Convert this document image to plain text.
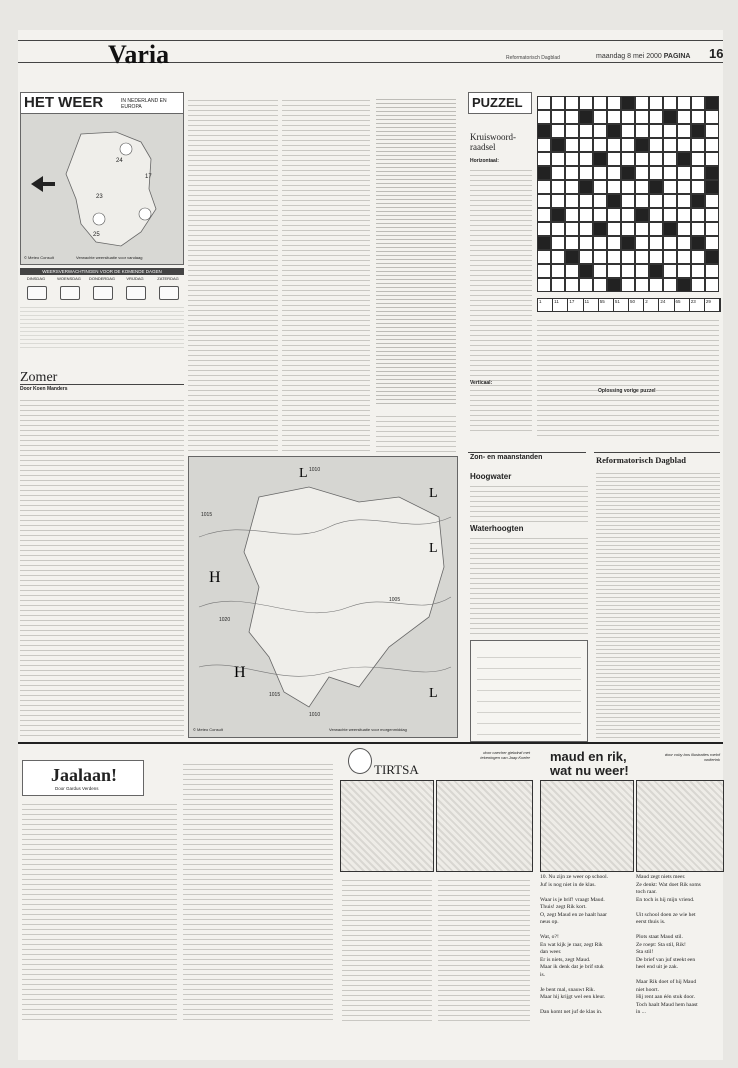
Varia	Reformatorisch Dagblad	maandag 8 mei 2000 PAGINA 16
HET WEER	IN NEDERLAND EN EUROPA
24
17
23
25
© Meteo Consult	Verwachte weersituatie voor vandaag
WEERSVERWACHTINGEN VOOR DE KOMENDE DAGEN
DINSDAG	WOENSDAG	DONDERDAG	VRIJDAG	ZATERDAG
Zomer
Door Koen Manders
H
H
L
L
L
L 1010
1015
1020
1005
1010
1015
© Meteo Consult	Verwachte weersituatie voor morgenmiddag
PUZZEL
Kruiswoord-
raadsel
Horizontaal:
1	11	17	11	55	51	50	2	24	65	23	29
Verticaal:
Oplossing vorige puzzel
Zon- en maanstanden
Hoogwater
Waterhoogten
Reformatorisch Dagblad
Jaalaan!
Door Gardus Verdens
TIRTSA
door caecher giebdraf met tekeningen van Jaap Koeler maud en rik, wat nu weer!
door coby bos illustraties roelof wolterink
10. Nu zijn ze weer op school.
Juf is nog niet in de klas.

Waar is je brif! vraagt Maud.
Thuis! zegt Rik kort.
O, zegt Maud en ze haalt haar
neus op.

Wat, o?!
En wat kijk je raar, zegt Rik
dan weer.
Er is niets, zegt Maud.
Maar ik denk dat je brif stuk
is.

Je bent mal, snauwt Rik.
Maar hij krijgt wel een kleur.

Dan komt net juf de klas in.
Maud zegt niets meer.
Ze denkt: Wat doet Rik soms
toch raar.
En toch is hij mijn vriend.

Uit school doen ze wie het
eerst thuis is.

Plots staat Maud stil.
Ze roept: Sta stil, Rik!
Sta stil!
De brief van juf steekt een
heel end uit je zak.

Maar Rik doet of hij Maud
niet hoort.
Hij rent aan één stuk door.
Toch haalt Maud hem haast
in ...
